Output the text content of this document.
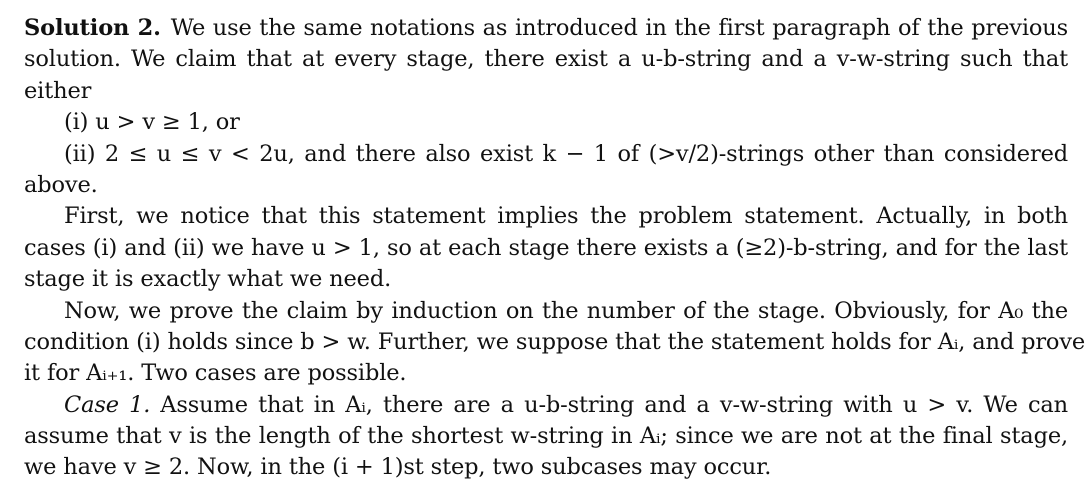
Solution 2. We use the same notations as introduced in the first paragraph of the previous
solution. We claim that at every stage, there exist a u-b-string and a v-w-string such that
either
(i) u > v ≥ 1, or
(ii) 2 ≤ u ≤ v < 2u, and there also exist k − 1 of (>v/2)-strings other than considered
above.
First, we notice that this statement implies the problem statement. Actually, in both
cases (i) and (ii) we have u > 1, so at each stage there exists a (≥2)-b-string, and for the last
stage it is exactly what we need.
Now, we prove the claim by induction on the number of the stage. Obviously, for A₀ the
condition (i) holds since b > w. Further, we suppose that the statement holds for Aᵢ, and prove
it for Aᵢ₊₁. Two cases are possible.
Case 1. Assume that in Aᵢ, there are a u-b-string and a v-w-string with u > v. We can
assume that v is the length of the shortest w-string in Aᵢ; since we are not at the final stage,
we have v ≥ 2. Now, in the (i + 1)st step, two subcases may occur.
